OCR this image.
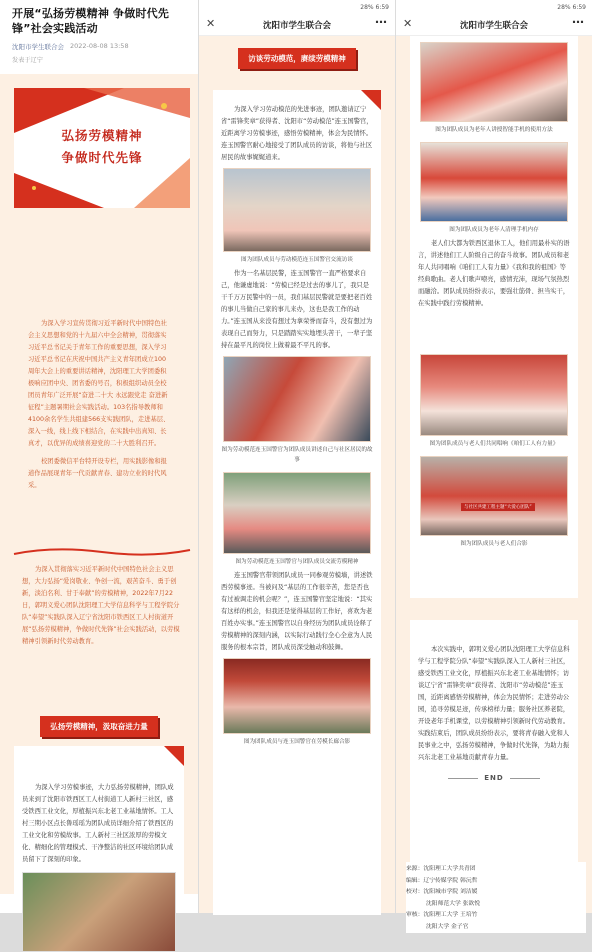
开展“弘扬劳模精神 争做时代先锋”社会实践活动
沈阳市学生联合会 2022-08-08 13:58
发表于辽宁
弘扬劳模精神
争做时代先锋

为深入学习宣传贯彻习近平新时代中国特色社会主义思想和党的十九届六中全会精神，贯彻落实习近平总书记关于青年工作的重要思想，深入学习习近平总书记在庆祝中国共产主义青年团成立100周年大会上的重要讲话精神，沈阳理工大学团委积极响应团中央、团省委的号召，积极组织动员全校团员青年广泛开展“奋进二十大 永远跟党走 奋进新征程”主题暑期社会实践活动。103名指导教师和4100余名学生共组建566支实践团队，走进基层、深入一线，线上线下相结合，在实践中出真知、长真才，以优异的成绩喜迎党的二十大胜利召开。

校团委微信平台特开设专栏，用实践影像和报道作品展现青年一代贡献青春、建功立业的时代风采。

为深入贯彻落实习近平新时代中国特色社会主义思想，大力弘扬“爱岗敬业、争创一流，艰苦奋斗、勇于创新，淡泊名利、甘于奉献”的劳模精神，2022年7月22日，郭明义爱心团队沈阳理工大学信息科学与工程学院分队“奉望”实践队深入辽宁省沈阳市铁西区工人村街道开展“弘扬劳模精神，争做时代先锋”社会实践活动，以劳模精神引领新时代劳动教育。

弘扬劳模精神，汲取奋进力量

为深入学习劳模事迹，大力弘扬劳模精神，团队成员来到了沈阳市铁西区工人村街道工人新村三社区，感受铁西工业文化，厚植振兴东北老工业基地情怀。工人村三期小区点长鲁瑶瑶为团队成员详细介绍了铁西区的工业文化和劳模故事。工人新村三社区浓厚的劳模文化、精细化的管理模式、干净整洁的社区环境给团队成员留下了深刻的印象。

28% 6:59
✕	沈阳市学生联合会	⋯
访谈劳动模范，赓续劳模精神

为深入学习劳动模范的先进事迹，团队邀请辽宁省“雷锋奖章”获得者、沈阳市“劳动模范”连玉国警官，近距离学习劳模事迹，感悟劳模精神，体会为民情怀。连玉国警官耐心地接受了团队成员的访谈，将他与社区居民的故事娓娓道来。

图为团队成员与劳动模范连玉国警官交流访谈

作为一名基层民警，连玉国警官一直严格要求自己，他谦虚地说：“劳模已经是过去的事儿了，我只是干千万万民警中的一员，我们基层民警就是要把老百姓的事儿当做自己家的事儿来办，这也是我工作的动力。”连玉国从来没有想过为拿荣誉而奋斗，没有想过为表现自己而努力，只是踏踏实实地埋头苦干，一辈子坚持在最平凡的岗位上做着最不平凡的事。

图为劳动模范连玉国警官为团队成员讲述自己与社区居民的故事
图为劳动模范连玉国警官与团队成员交流劳模精神

连玉国警官带领团队成员一同参观劳模墙，讲述铁西劳模事迹。当被问及“基层的工作很辛苦，您是否也有过被调走的机会呢？”，连玉国警官坚定地说：“其实有这样的机会，但我还是觉得基层的工作好，喜欢为老百姓办实事。”连玉国警官以自身经历为团队成员诠释了劳模精神的深刻内涵，以实际行动践行全心全意为人民服务的根本宗旨，团队成员深受触动和鼓舞。

图为团队成员与连玉国警官在劳模长廊合影
28% 6:59
✕	沈阳市学生联合会	⋯
图为团队成员为老年人讲授智能手机的使用方法
图为团队成员为老年人清理手机内存

老人们大都为铁西区退休工人，他们用最朴实的语言，讲述他们工人阶级自己的奋斗故事。团队成员和老年人共同唱响《咱们工人有力量》《我和我的祖国》等经典歌曲。老人们歌声嘹亮，感情充沛，现场气氛热烈而融洽。团队成员纷纷表示，要强壮筋骨、担当实干，在实践中践行劳模精神。

图为团队成员与老人们共同唱响《咱们工人有力量》
与社区共建工程主题“大爱心团队”
图为团队成员与老人们合影

本次实践中，郭明义爱心团队沈阳理工大学信息科学与工程学院分队“奉望”实践队深入工人新村三社区，感受铁西工业文化，厚植振兴东北老工业基地情怀；访谈辽宁省“雷锋奖章”获得者、沈阳市“劳动模范”连玉国，近距离感悟劳模精神，体会为民情怀；走进劳动公园，追寻劳模足迹，传承榜样力量；服务社区养老院，开设老年手机课堂，以劳模精神引领新时代劳动教育。实践结束后，团队成员纷纷表示，要将青春融入党和人民事业之中，弘扬劳模精神，争做时代先锋，为助力振兴东北老工业基地贡献青春力量。

END
来源：沈阳理工大学共青团
编辑：辽宁传媒学院 韩沅哲
校对：沈阳城市学院 刘洁媛
沈阳师范大学 张欲悦
审核：沈阳理工大学 王培竹
沈阳大学 金子官
